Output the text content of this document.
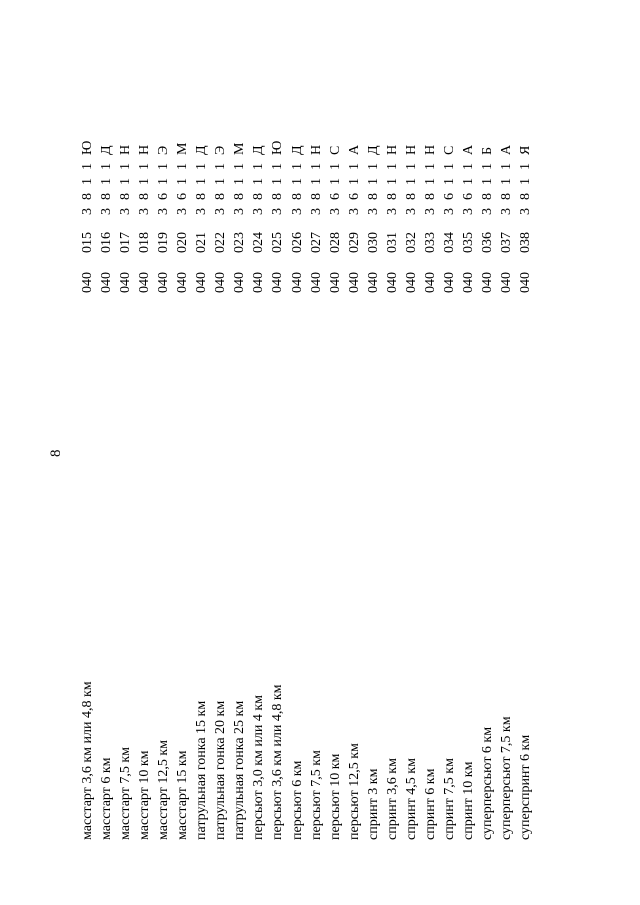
8
масстарт 3,6 км или 4,8 км масстарт 6 км масстарт 7,5 км масстарт 10 км масстарт 12,5 км масстарт 15 км патрульная гонка 15 км патрульная гонка 20 км патрульная гонка 25 км персьют 3,0 км или 4 км персьют 3,6 км или 4,8 км персьют 6 км персьют 7,5 км персьют 10 км персьют 12,5 км спринт 3 км спринт 3,6 км спринт 4,5 км спринт 6 км спринт 7,5 км спринт 10 км суперперсьют 6 км суперперсьют 7,5 км суперспринт 6 км
0400153811Ю
0400163811Д
0400173811Н
0400183811Н
0400193611Э
0400203611М
0400213811Д
0400223811Э
0400233811М
0400243811Д
0400253811Ю
0400263811Д
0400273811Н
0400283611С
0400293611А
0400303811Д
0400313811Н
0400323811Н
0400333811Н
0400343611С
0400353611А
0400363811Б
0400373811А
0400383811Я
